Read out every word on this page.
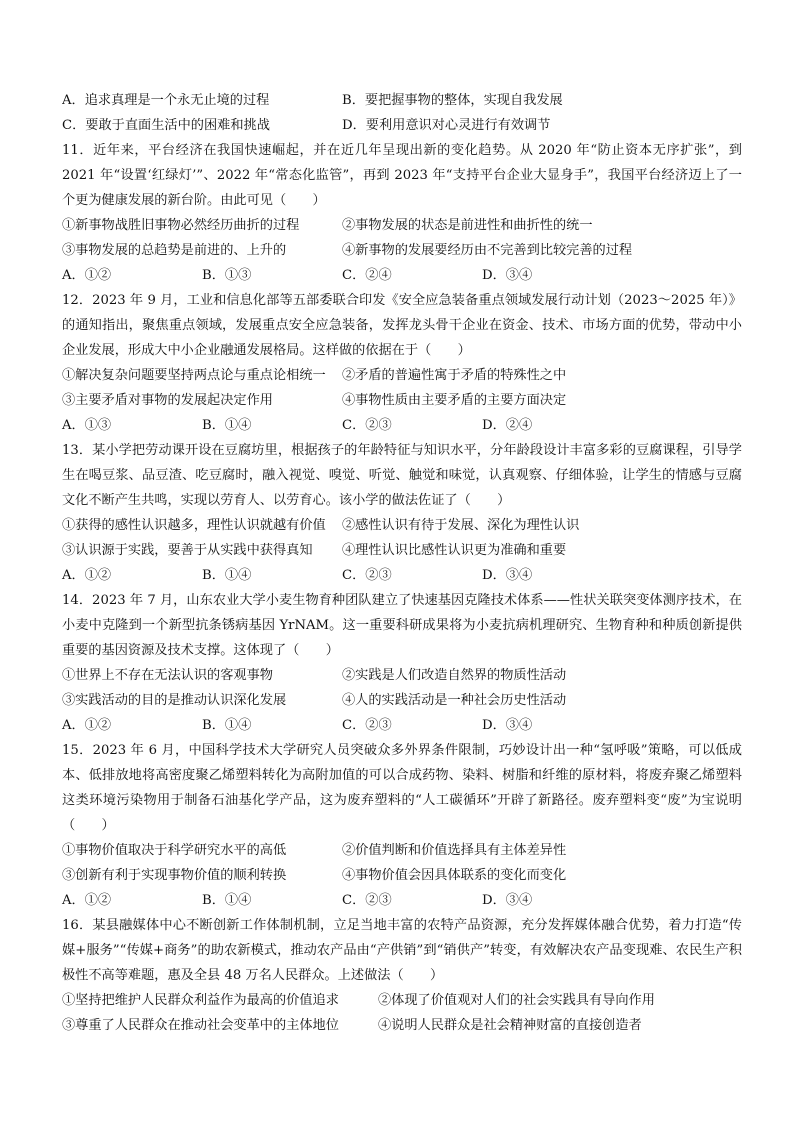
A．追求真理是一个永无止境的过程	B．要把握事物的整体，实现自我发展
C．要敢于直面生活中的困难和挑战	D．要利用意识对心灵进行有效调节

11．近年来，平台经济在我国快速崛起，并在近几年呈现出新的变化趋势。从 2020 年“防止资本无序扩张”，到 2021 年“设置‘红绿灯’”、2022 年“常态化监管”，再到 2023 年“支持平台企业大显身手”，我国平台经济迈上了一个更为健康发展的新台阶。由此可见（　　）

①新事物战胜旧事物必然经历曲折的过程	②事物发展的状态是前进性和曲折性的统一
③事物发展的总趋势是前进的、上升的	④新事物的发展要经历由不完善到比较完善的过程
A．①②	B．①③	C．②④	D．③④

12．2023 年 9 月，工业和信息化部等五部委联合印发《安全应急装备重点领域发展行动计划（2023～2025 年）》的通知指出，聚焦重点领域，发展重点安全应急装备，发挥龙头骨干企业在资金、技术、市场方面的优势，带动中小企业发展，形成大中小企业融通发展格局。这样做的依据在于（　　）

①解决复杂问题要坚持两点论与重点论相统一	②矛盾的普遍性寓于矛盾的特殊性之中
③主要矛盾对事物的发展起决定作用	④事物性质由主要矛盾的主要方面决定
A．①③	B．①④	C．②③	D．②④

13．某小学把劳动课开设在豆腐坊里，根据孩子的年龄特征与知识水平，分年龄段设计丰富多彩的豆腐课程，引导学生在喝豆浆、品豆渣、吃豆腐时，融入视觉、嗅觉、听觉、触觉和味觉，认真观察、仔细体验，让学生的情感与豆腐文化不断产生共鸣，实现以劳育人、以劳育心。该小学的做法佐证了（　　）

①获得的感性认识越多，理性认识就越有价值	②感性认识有待于发展、深化为理性认识
③认识源于实践，要善于从实践中获得真知	④理性认识比感性认识更为准确和重要
A．①②	B．①④	C．②③	D．③④

14．2023 年 7 月，山东农业大学小麦生物育种团队建立了快速基因克隆技术体系——性状关联突变体测序技术，在小麦中克隆到一个新型抗条锈病基因 YrNAM。这一重要科研成果将为小麦抗病机理研究、生物育种和种质创新提供重要的基因资源及技术支撑。这体现了（　　）

①世界上不存在无法认识的客观事物	②实践是人们改造自然界的物质性活动
③实践活动的目的是推动认识深化发展	④人的实践活动是一种社会历史性活动
A．①②	B．①④	C．②③	D．③④

15．2023 年 6 月，中国科学技术大学研究人员突破众多外界条件限制，巧妙设计出一种“氢呼吸”策略，可以低成本、低排放地将高密度聚乙烯塑料转化为高附加值的可以合成药物、染料、树脂和纤维的原材料，将废弃聚乙烯塑料这类环境污染物用于制备石油基化学产品，这为废弃塑料的“人工碳循环”开辟了新路径。废弃塑料变“废”为宝说明（　　）

①事物价值取决于科学研究水平的高低	②价值判断和价值选择具有主体差异性
③创新有利于实现事物价值的顺利转换	④事物价值会因具体联系的变化而变化
A．①②	B．①④	C．②③	D．③④

16．某县融媒体中心不断创新工作体制机制，立足当地丰富的农特产品资源，充分发挥媒体融合优势，着力打造“传媒+服务”“传媒+商务”的助农新模式，推动农产品由“产供销”到“销供产”转变，有效解决农产品变现难、农民生产积极性不高等难题，惠及全县 48 万名人民群众。上述做法（　　）

①坚持把维护人民群众利益作为最高的价值追求	②体现了价值观对人们的社会实践具有导向作用
③尊重了人民群众在推动社会变革中的主体地位	④说明人民群众是社会精神财富的直接创造者
